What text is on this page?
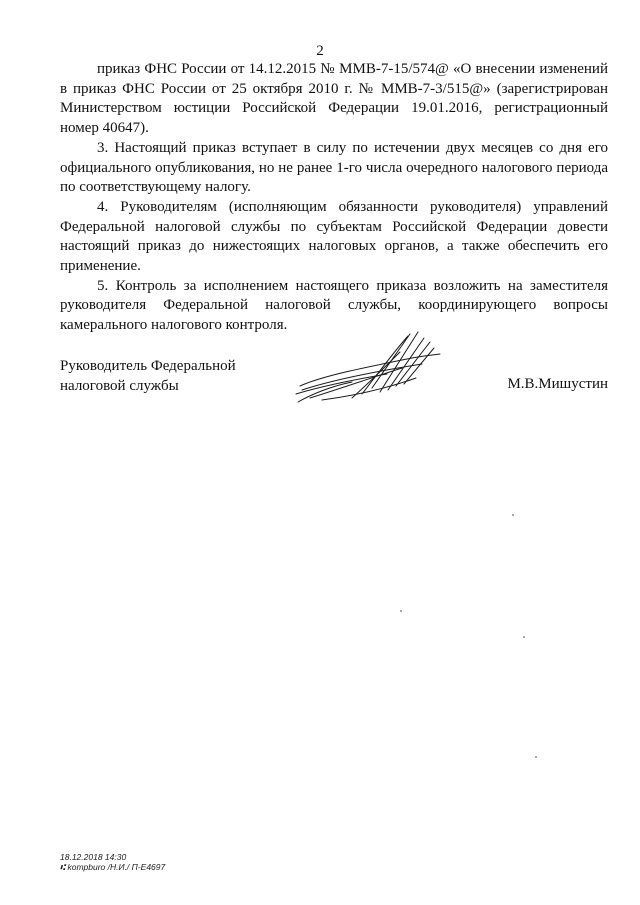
2

приказ ФНС России от 14.12.2015 № ММВ-7-15/574@ «О внесении изменений в приказ ФНС России от 25 октября 2010 г. № ММВ-7-3/515@» (зарегистрирован Министерством юстиции Российской Федерации 19.01.2016, регистрационный номер 40647).

3. Настоящий приказ вступает в силу по истечении двух месяцев со дня его официального опубликования, но не ранее 1-го числа очередного налогового периода по соответствующему налогу.

4. Руководителям (исполняющим обязанности руководителя) управлений Федеральной налоговой службы по субъектам Российской Федерации довести настоящий приказ до нижестоящих налоговых органов, а также обеспечить его применение.

5. Контроль за исполнением настоящего приказа возложить на заместителя руководителя Федеральной налоговой службы, координирующего вопросы камерального налогового контроля.

Руководитель Федеральной
налоговой службы	М.В.Мишустин
18.12.2018 14:30
⑆ kompburo /Н.И./ П-Е4697
